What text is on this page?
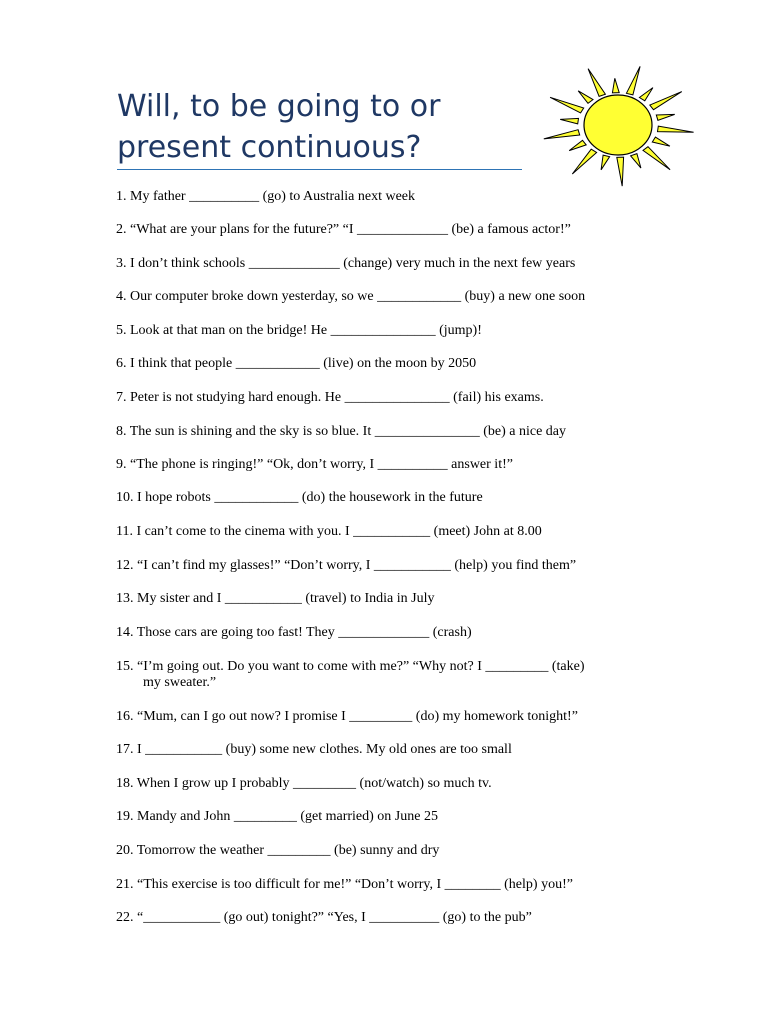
Will, to be going to or
present continuous?
1. My father __________ (go) to Australia next week
2. “What are your plans for the future?” “I _____________ (be) a famous actor!”
3. I don’t think schools _____________ (change) very much in the next few years
4. Our computer broke down yesterday, so we ____________ (buy) a new one soon
5. Look at that man on the bridge! He _______________ (jump)!
6. I think that people ____________ (live) on the moon by 2050
7. Peter is not studying hard enough. He _______________ (fail) his exams.
8. The sun is shining and the sky is so blue. It _______________ (be) a nice day
9. “The phone is ringing!” “Ok, don’t worry, I __________ answer it!”
10. I hope robots ____________ (do) the housework in the future
11. I can’t come to the cinema with you. I ___________ (meet) John at 8.00
12. “I can’t find my glasses!” “Don’t worry, I ___________ (help) you find them”
13. My sister and I ___________ (travel) to India in July
14. Those cars are going too fast! They _____________ (crash)
15. “I’m going out. Do you want to come with me?” “Why not? I _________ (take)
my sweater.”
16. “Mum, can I go out now? I promise I _________ (do) my homework tonight!”
17. I ___________ (buy) some new clothes. My old ones are too small
18. When I grow up I probably _________ (not/watch) so much tv.
19. Mandy and John _________ (get married) on June 25
20. Tomorrow the weather _________ (be) sunny and dry
21. “This exercise is too difficult for me!” “Don’t worry, I ________ (help) you!”
22. “___________ (go out) tonight?” “Yes, I __________ (go) to the pub”
